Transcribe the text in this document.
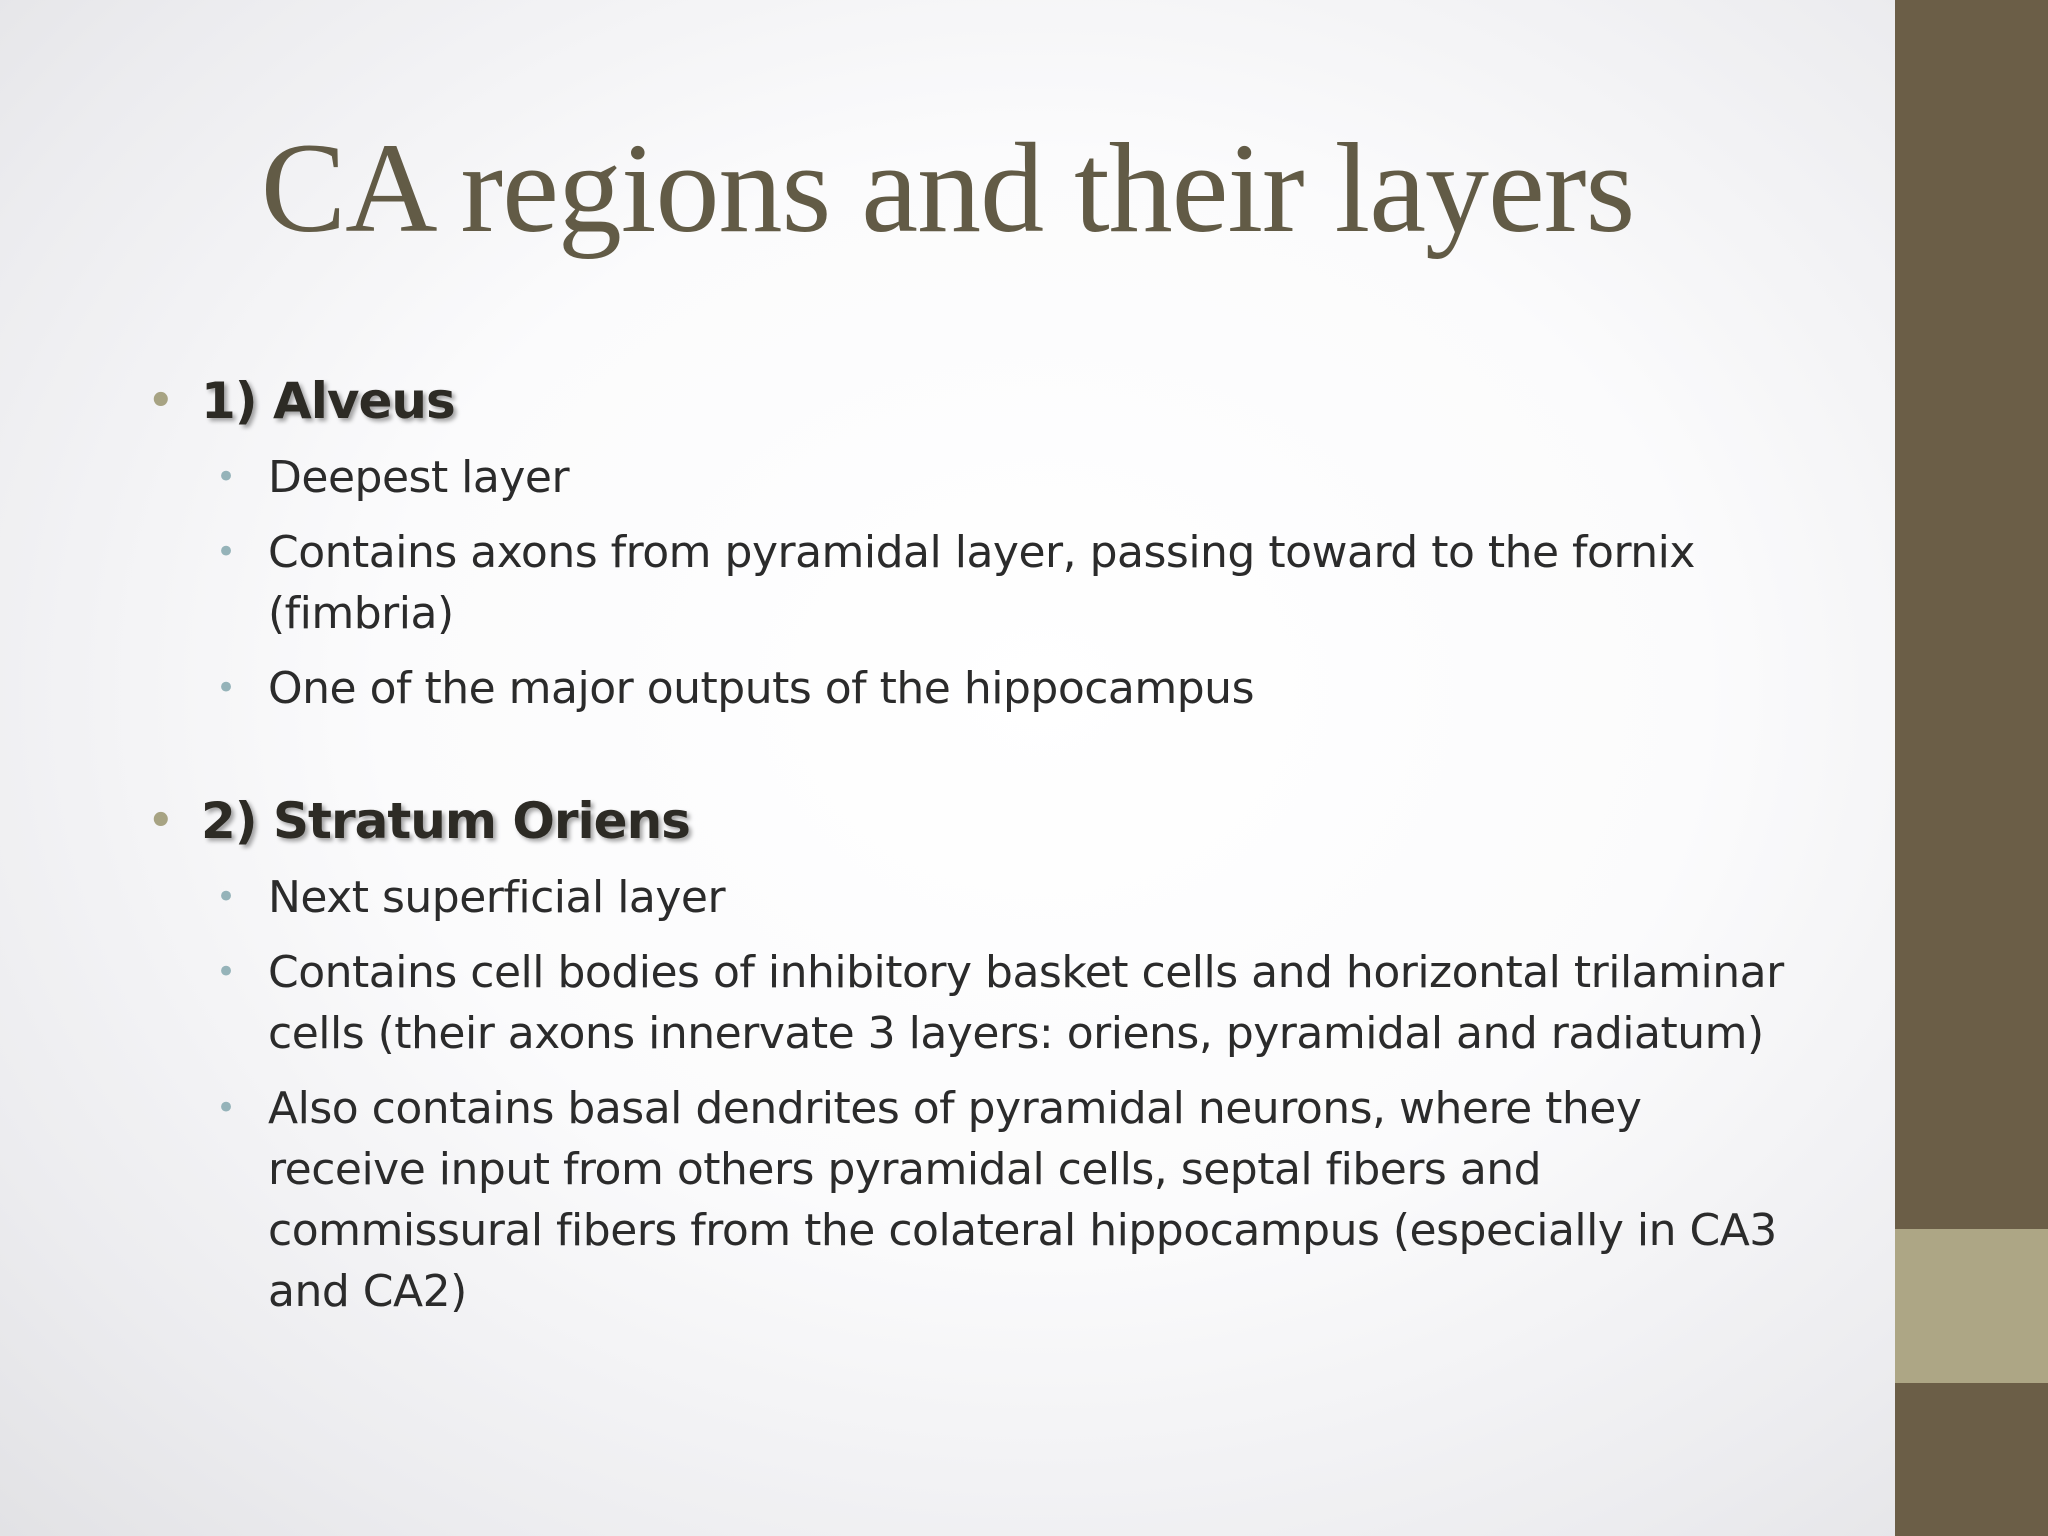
CA regions and their layers
• 1) Alveus
• Deepest layer
• Contains axons from pyramidal layer, passing toward to the fornix (fimbria)
• One of the major outputs of the hippocampus
• 2) Stratum Oriens
• Next superficial layer
• Contains cell bodies of inhibitory basket cells and horizontal trilaminar cells (their axons innervate 3 layers: oriens, pyramidal and radiatum)
• Also contains basal dendrites of pyramidal neurons, where they receive input from others pyramidal cells, septal fibers and commissural fibers from the colateral hippocampus (especially in CA3 and CA2)
